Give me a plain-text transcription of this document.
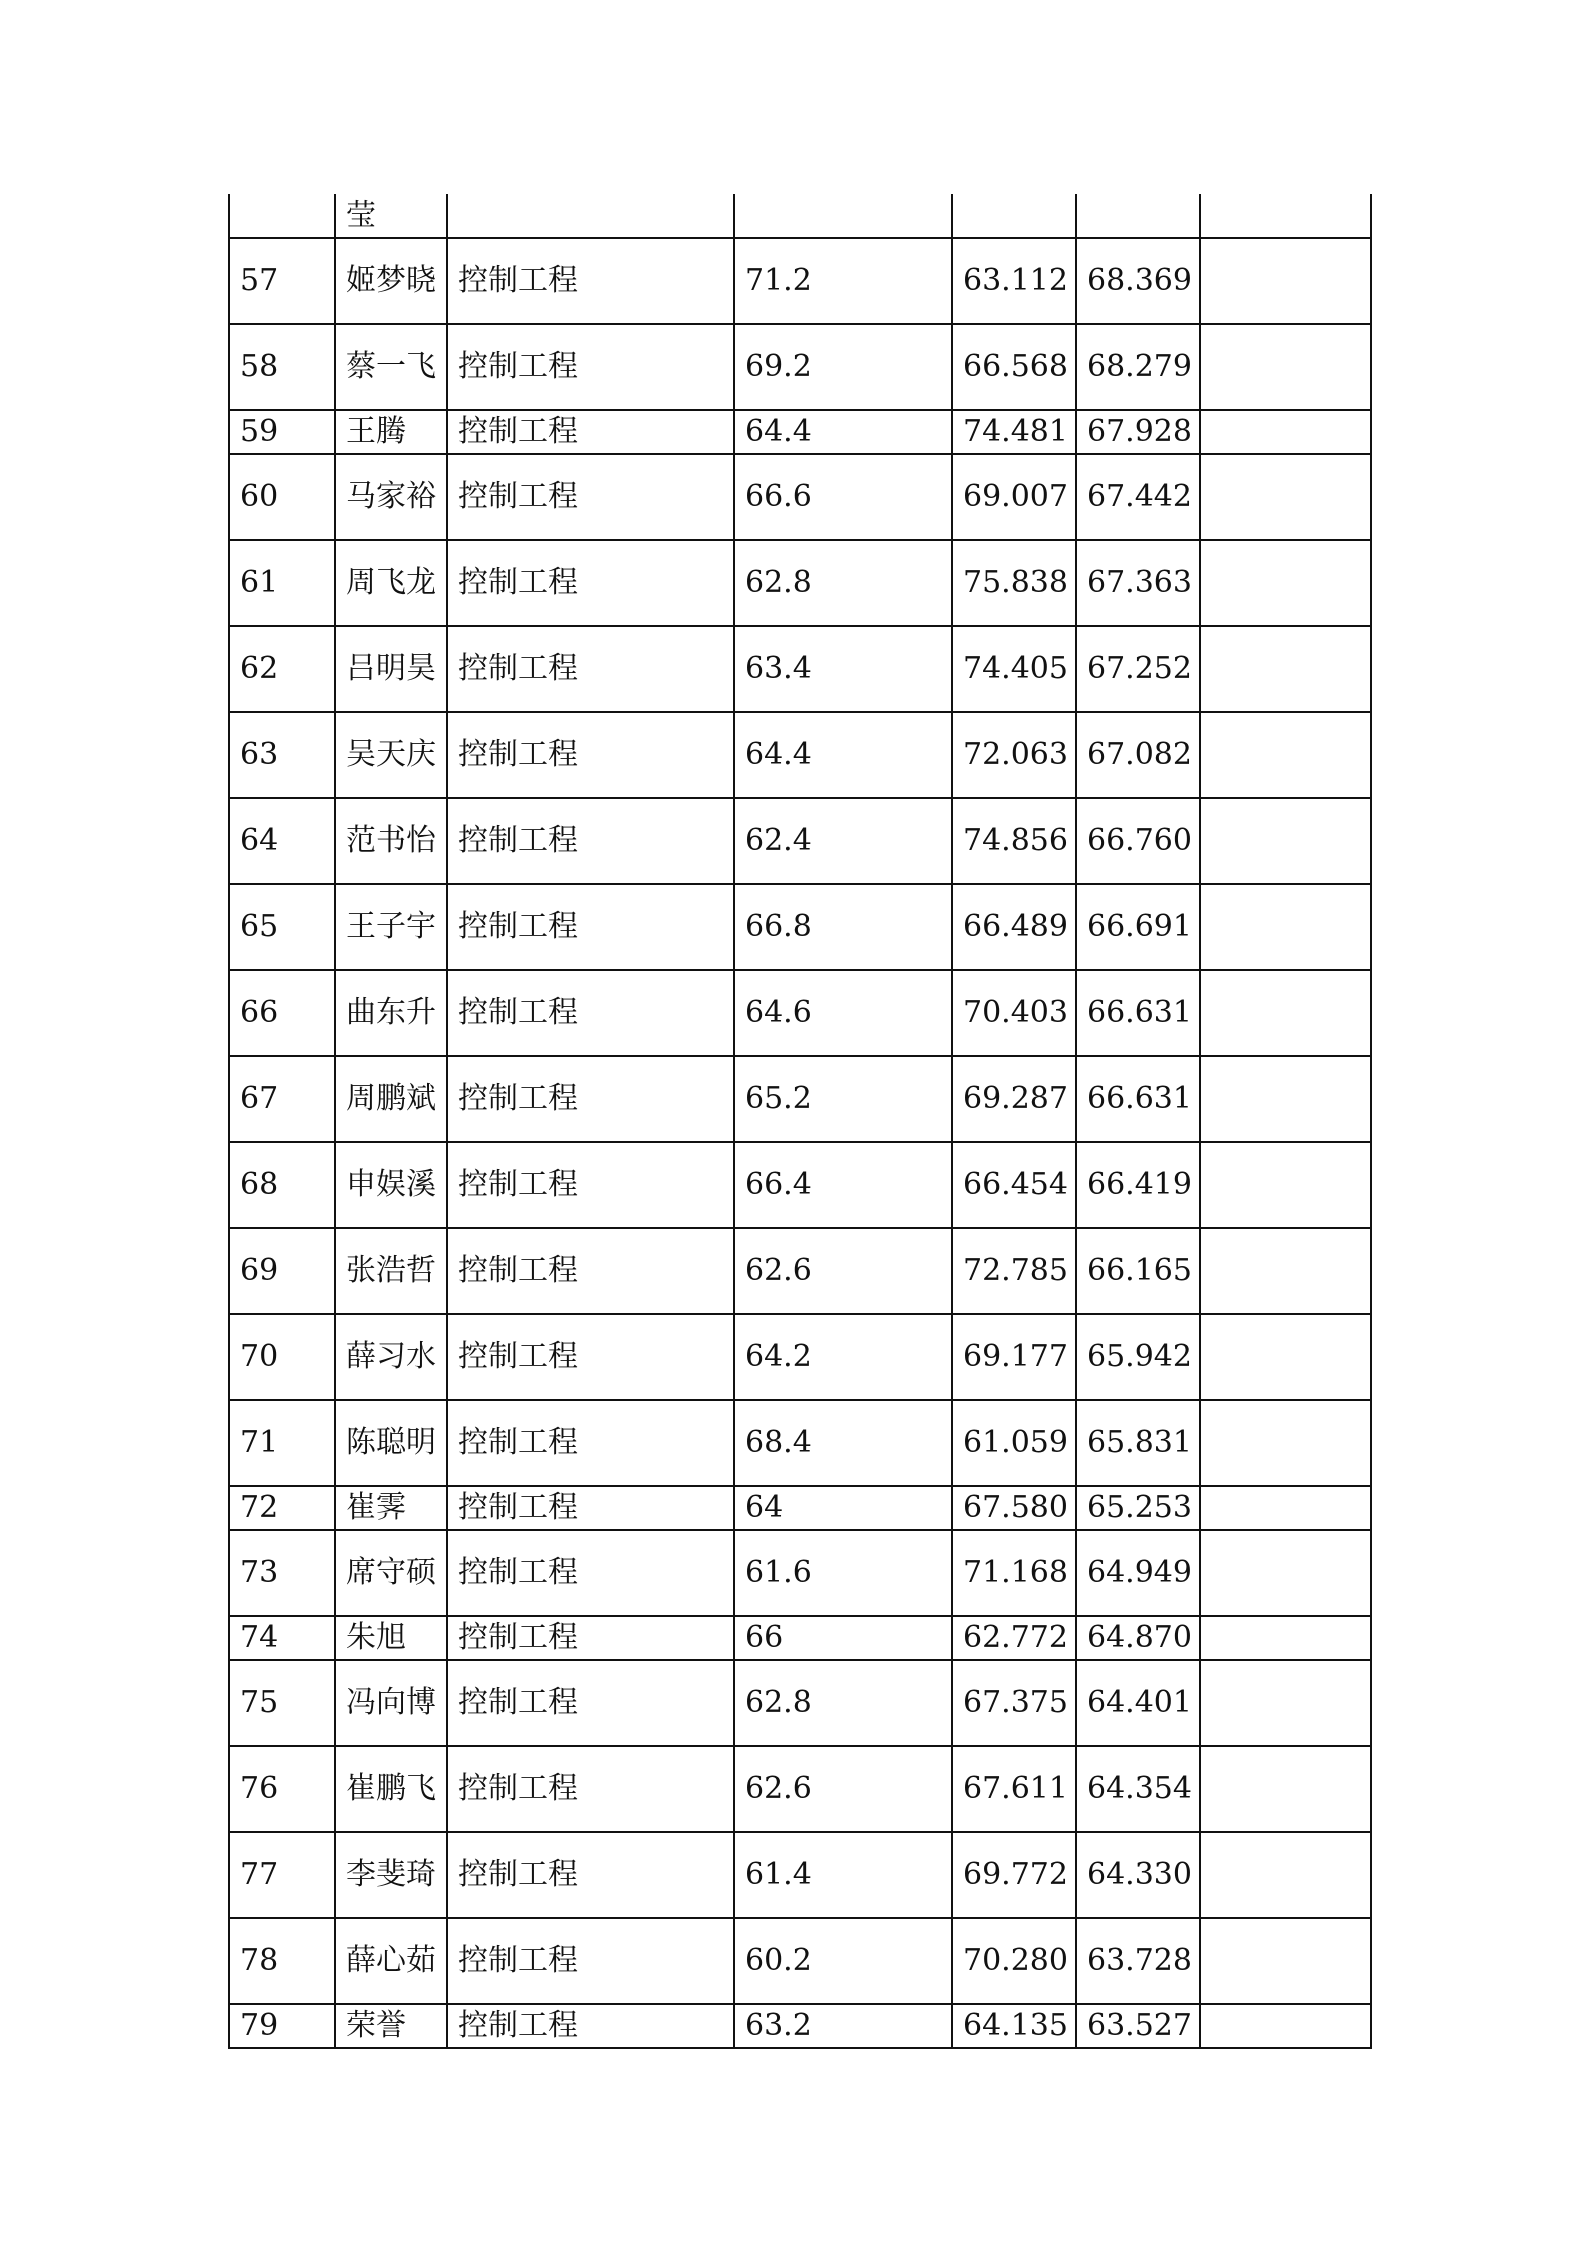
	莹					
57	姬梦晓	控制工程	71.2	63.112	68.369	
58	蔡一飞	控制工程	69.2	66.568	68.279	
59	王腾	控制工程	64.4	74.481	67.928	
60	马家裕	控制工程	66.6	69.007	67.442	
61	周飞龙	控制工程	62.8	75.838	67.363	
62	吕明昊	控制工程	63.4	74.405	67.252	
63	吴天庆	控制工程	64.4	72.063	67.082	
64	范书怡	控制工程	62.4	74.856	66.760	
65	王子宇	控制工程	66.8	66.489	66.691	
66	曲东升	控制工程	64.6	70.403	66.631	
67	周鹏斌	控制工程	65.2	69.287	66.631	
68	申娱溪	控制工程	66.4	66.454	66.419	
69	张浩哲	控制工程	62.6	72.785	66.165	
70	薛习水	控制工程	64.2	69.177	65.942	
71	陈聪明	控制工程	68.4	61.059	65.831	
72	崔霁	控制工程	64	67.580	65.253	
73	席守硕	控制工程	61.6	71.168	64.949	
74	朱旭	控制工程	66	62.772	64.870	
75	冯向博	控制工程	62.8	67.375	64.401	
76	崔鹏飞	控制工程	62.6	67.611	64.354	
77	李斐琦	控制工程	61.4	69.772	64.330	
78	薛心茹	控制工程	60.2	70.280	63.728	
79	荣誉	控制工程	63.2	64.135	63.527	
